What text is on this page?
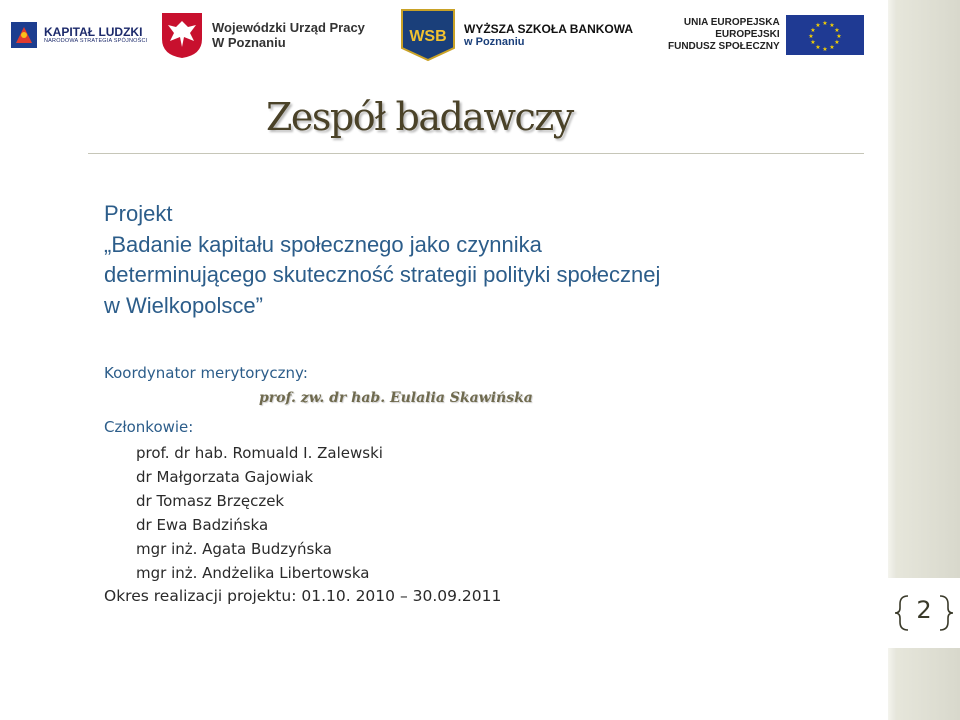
KAPITAŁ LUDZKI
NARODOWA STRATEGIA SPÓJNOŚCI
Wojewódzki Urząd Pracy
W Poznaniu	WSB WYŻSZA SZKOŁA BANKOWA
w Poznaniu
UNIA EUROPEJSKA
EUROPEJSKI
FUNDUSZ SPOŁECZNY
★ ★
★
★
★
★
★
★
★
★
★
★
Zespół badawczy
Projekt
„Badanie kapitału społecznego jako czynnika
determinującego skuteczność strategii polityki społecznej
w Wielkopolsce”
Koordynator merytoryczny:
prof. zw. dr hab. Eulalia Skawińska
Członkowie:
prof. dr hab. Romuald I. Zalewski
dr Małgorzata Gajowiak
dr Tomasz Brzęczek
dr Ewa Badzińska
mgr inż. Agata Budzyńska
mgr inż. Andżelika Libertowska
Okres realizacji projektu: 01.10. 2010 – 30.09.2011	2
